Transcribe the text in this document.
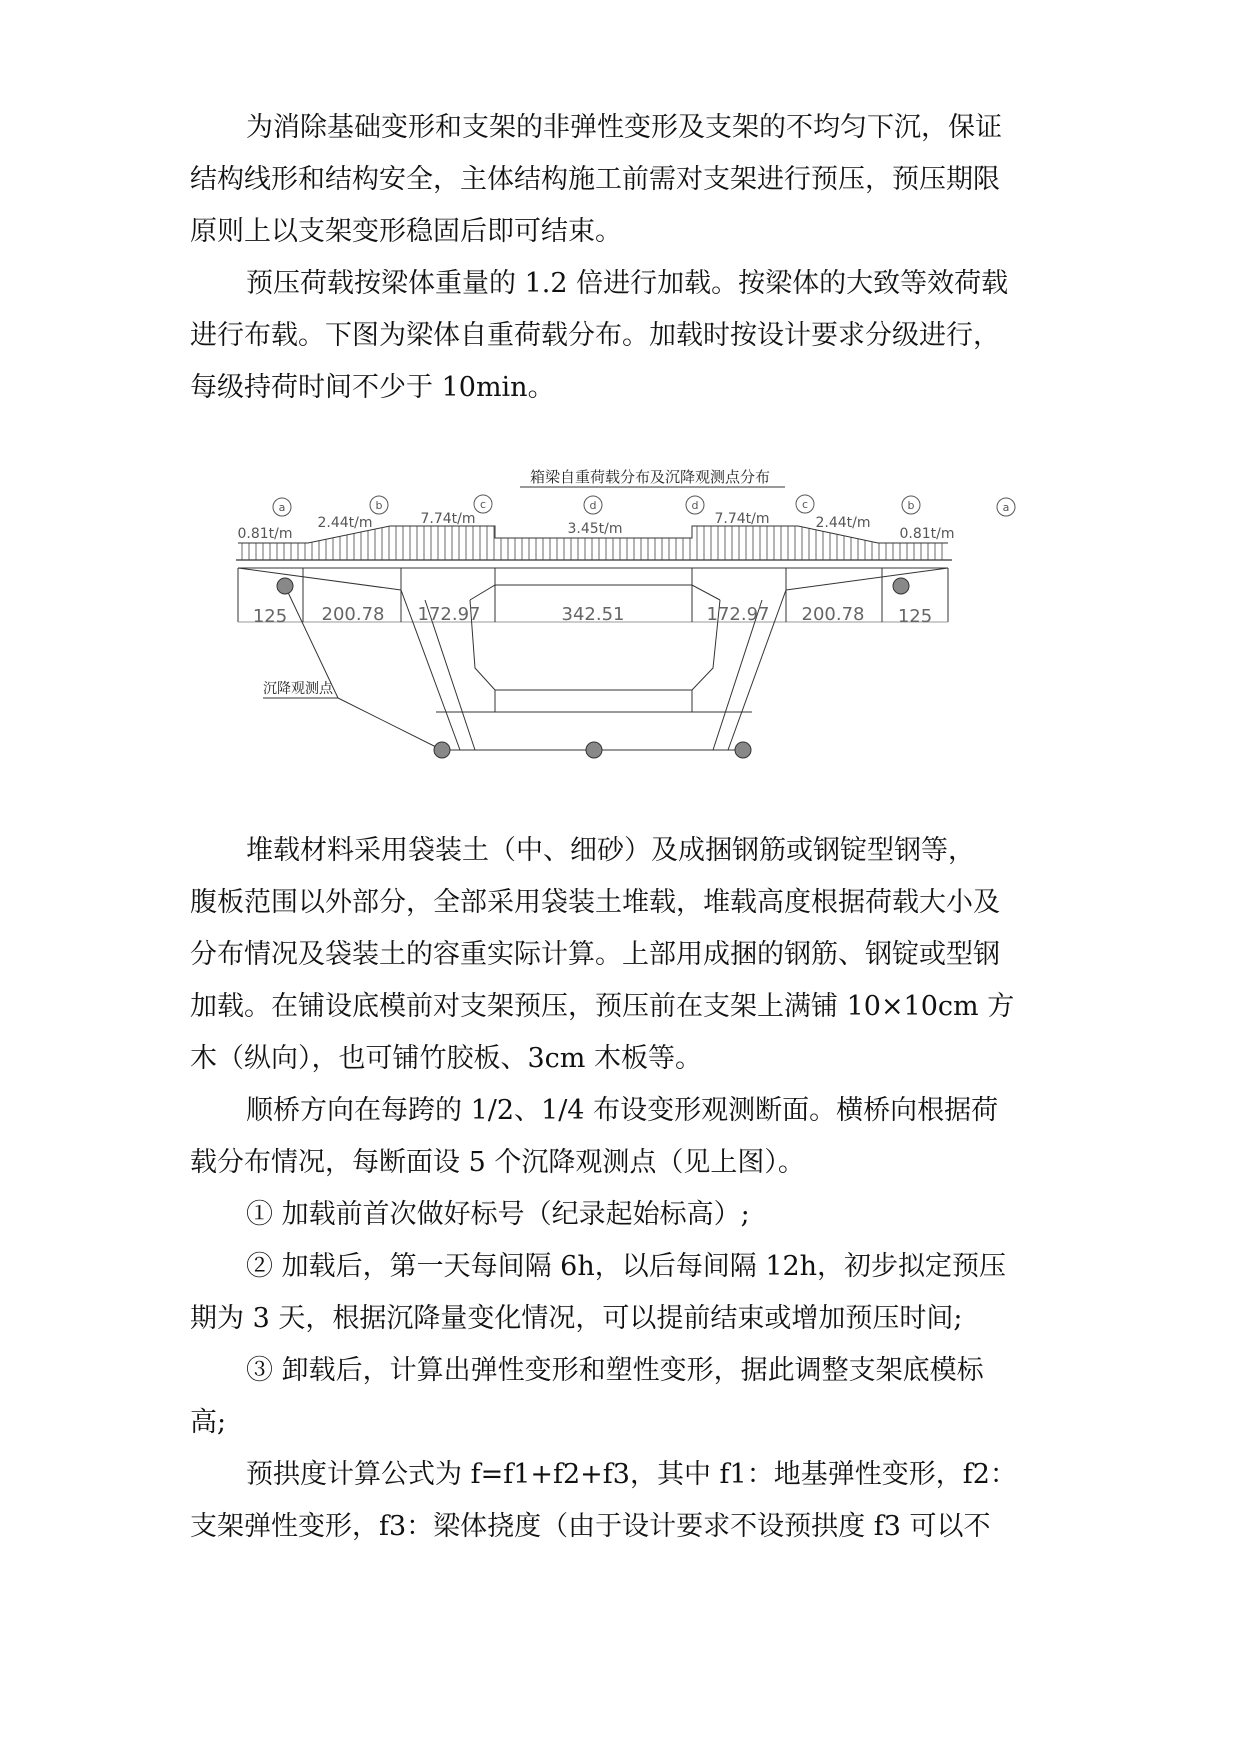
为消除基础变形和支架的非弹性变形及支架的不均匀下沉，保证
结构线形和结构安全，主体结构施工前需对支架进行预压，预压期限
原则上以支架变形稳固后即可结束。
预压荷载按梁体重量的 1.2 倍进行加载。按梁体的大致等效荷载
进行布载。下图为梁体自重荷载分布。加载时按设计要求分级进行，
每级持荷时间不少于 10min。
箱梁自重荷载分布及沉降观测点分布
a	b	c	d	d	c	b	a
0.81t/m
2.44t/m	7.74t/m
3.45t/m
7.74t/m	2.44t/m
0.81t/m
125 200.78 172.97	342.51	172.97 200.78 125
沉降观测点
堆载材料采用袋装土（中、细砂）及成捆钢筋或钢锭型钢等，
腹板范围以外部分，全部采用袋装土堆载，堆载高度根据荷载大小及
分布情况及袋装土的容重实际计算。上部用成捆的钢筋、钢锭或型钢
加载。在铺设底模前对支架预压，预压前在支架上满铺 10×10cm 方
木（纵向），也可铺竹胶板、3cm 木板等。
顺桥方向在每跨的 1/2、1/4 布设变形观测断面。横桥向根据荷
载分布情况，每断面设 5 个沉降观测点（见上图）。
① 加载前首次做好标号（纪录起始标高）;
② 加载后，第一天每间隔 6h，以后每间隔 12h，初步拟定预压
期为 3 天，根据沉降量变化情况，可以提前结束或增加预压时间;
③ 卸载后，计算出弹性变形和塑性变形，据此调整支架底模标
高;
预拱度计算公式为 f=f1+f2+f3，其中 f1：地基弹性变形，f2：
支架弹性变形，f3：梁体挠度（由于设计要求不设预拱度 f3 可以不
